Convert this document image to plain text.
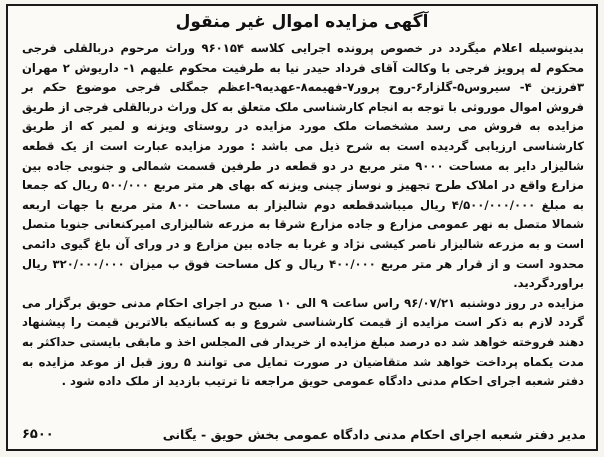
آگهی مزایده اموال غیر منقول

بدینوسیله اعلام میگردد در خصوص پرونده اجرایی کلاسه ۹۶۰۱۵۴ وراث مرحوم دربالقلی فرجی محکوم له پرویز فرجی با وکالت آقای فرداد حیدر نیا به طرفیت محکوم علیهم ۱- داریوش ۲ مهران ۳فرزین ۴- سیروس۵-گلزار۶-روح پرور۷-فهیمه۸-عهدیه۹-اعظم جمگلی فرجی موضوع حکم بر فروش اموال موروثی با توجه به انجام کارشناسی ملک متعلق به کل وراث دربالقلی فرجی از طریق مزایده به فروش می رسد مشخصات ملک مورد مزایده در روستای ویزنه و لمیر که از طریق کارشناسی ارزیابی گردیده است به شرح ذیل می باشد : مورد مزایده عبارت است از یک قطعه شالیزار دایر به مساحت ۹۰۰۰ متر مربع در دو قطعه در طرفین قسمت شمالی و جنوبی جاده بین مزارع واقع در املاک طرح تجهیز و نوساز چینی ویزنه که بهای هر متر مربع ۵۰۰/۰۰۰ ریال که جمعا به مبلغ ۴/۵۰۰/۰۰۰/۰۰۰ ریال میباشدقطعه دوم شالیزار به مساحت ۸۰۰ متر مربع با جهات اربعه شمالا متصل به نهر عمومی مزارع و جاده مزارع شرقا به مزرعه شالیزاری امیرکنعانی جنوبا متصل است و به مزرعه شالیزار ناصر کیشی نژاد و غربا به جاده بین مزارع و در ورای آن باغ گیوی دائمی محدود است و از قرار هر متر مربع ۴۰۰/۰۰۰ ریال و کل مساحت فوق ب میزان ۳۲۰/۰۰۰/۰۰۰ ریال براوردگردید.

مزایده در روز دوشنبه ۹۶/۰۷/۲۱ راس ساعت ۹ الی ۱۰ صبح در اجرای احکام مدنی حویق برگزار می گردد لازم به ذکر است مزایده از قیمت کارشناسی شروع و به کسانیکه بالاترین قیمت را پیشنهاد دهند فروخته خواهد شد ده درصد مبلغ مزایده از خریدار فی المجلس اخذ و مابقی بایستی حداکثر به مدت یکماه پرداخت خواهد شد متقاضیان در صورت تمایل می توانند ۵ روز قبل از موعد مزایده به دفتر شعبه اجرای احکام مدنی دادگاه عمومی حویق مراجعه تا ترتیب بازدید از ملک داده شود .

مدیر دفتر شعبه اجرای احکام مدنی دادگاه عمومی بخش حویق - یگانی
۶۵۰۰
